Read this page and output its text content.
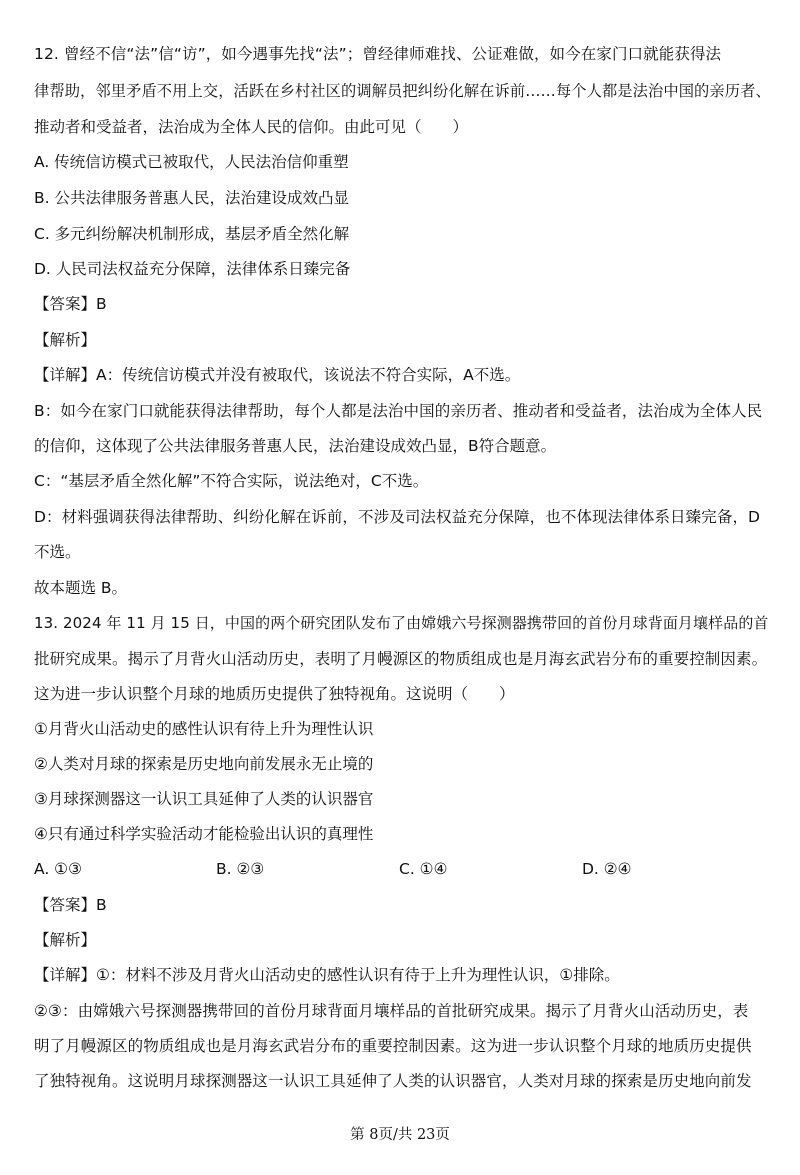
12. 曾经不信“法”信“访”，如今遇事先找“法”；曾经律师难找、公证难做，如今在家门口就能获得法
律帮助，邻里矛盾不用上交，活跃在乡村社区的调解员把纠纷化解在诉前……每个人都是法治中国的亲历者、
推动者和受益者，法治成为全体人民的信仰。由此可见（　　）
A. 传统信访模式已被取代，人民法治信仰重塑
B. 公共法律服务普惠人民，法治建设成效凸显
C. 多元纠纷解决机制形成，基层矛盾全然化解
D. 人民司法权益充分保障，法律体系日臻完备
【答案】B
【解析】
【详解】A：传统信访模式并没有被取代，该说法不符合实际，A不选。
B：如今在家门口就能获得法律帮助，每个人都是法治中国的亲历者、推动者和受益者，法治成为全体人民
的信仰，这体现了公共法律服务普惠人民，法治建设成效凸显，B符合题意。
C：“基层矛盾全然化解”不符合实际，说法绝对，C不选。
D：材料强调获得法律帮助、纠纷化解在诉前，不涉及司法权益充分保障，也不体现法律体系日臻完备，D
不选。
故本题选 B。
13. 2024 年 11 月 15 日，中国的两个研究团队发布了由嫦娥六号探测器携带回的首份月球背面月壤样品的首
批研究成果。揭示了月背火山活动历史，表明了月幔源区的物质组成也是月海玄武岩分布的重要控制因素。
这为进一步认识整个月球的地质历史提供了独特视角。这说明（　　）
①月背火山活动史的感性认识有待上升为理性认识
②人类对月球的探索是历史地向前发展永无止境的
③月球探测器这一认识工具延伸了人类的认识器官
④只有通过科学实验活动才能检验出认识的真理性
A. ①③	B. ②③	C. ①④	D. ②④
【答案】B
【解析】
【详解】①：材料不涉及月背火山活动史的感性认识有待于上升为理性认识，①排除。
②③：由嫦娥六号探测器携带回的首份月球背面月壤样品的首批研究成果。揭示了月背火山活动历史，表
明了月幔源区的物质组成也是月海玄武岩分布的重要控制因素。这为进一步认识整个月球的地质历史提供
了独特视角。这说明月球探测器这一认识工具延伸了人类的认识器官，人类对月球的探索是历史地向前发
第 8页/共 23页
